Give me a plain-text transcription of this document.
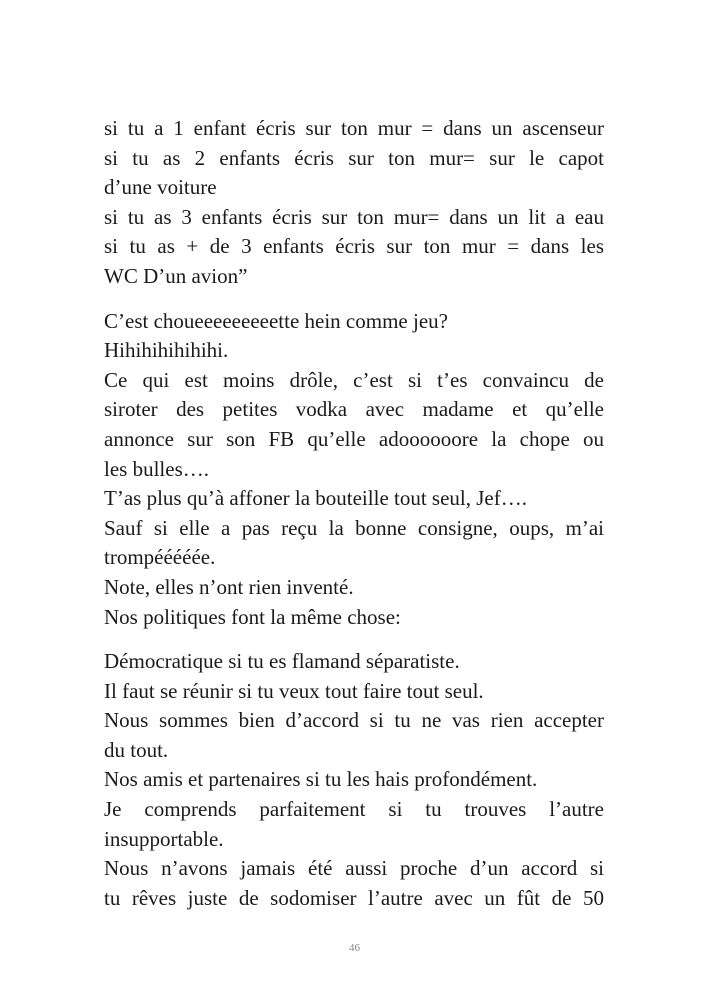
si tu a 1 enfant écris sur ton mur = dans un ascenseur
si tu as 2 enfants écris sur ton mur= sur le capot
d’une voiture
si tu as 3 enfants écris sur ton mur= dans un lit a eau
si tu as + de 3 enfants écris sur ton mur = dans les
WC D’un avion”
C’est choueeeeeeeeette hein comme jeu?
Hihihihihihihi.
Ce qui est moins drôle, c’est si t’es convaincu de
siroter des petites vodka avec madame et qu’elle
annonce sur son FB qu’elle adoooooore la chope ou
les bulles….
T’as plus qu’à affoner la bouteille tout seul, Jef….
Sauf si elle a pas reçu la bonne consigne, oups, m’ai
trompééééée.
Note, elles n’ont rien inventé.
Nos politiques font la même chose:
Démocratique si tu es flamand séparatiste.
Il faut se réunir si tu veux tout faire tout seul.
Nous sommes bien d’accord si tu ne vas rien accepter
du tout.
Nos amis et partenaires si tu les hais profondément.
Je comprends parfaitement si tu trouves l’autre
insupportable.
Nous n’avons jamais été aussi proche d’un accord si
tu rêves juste de sodomiser l’autre avec un fût de 50
46
